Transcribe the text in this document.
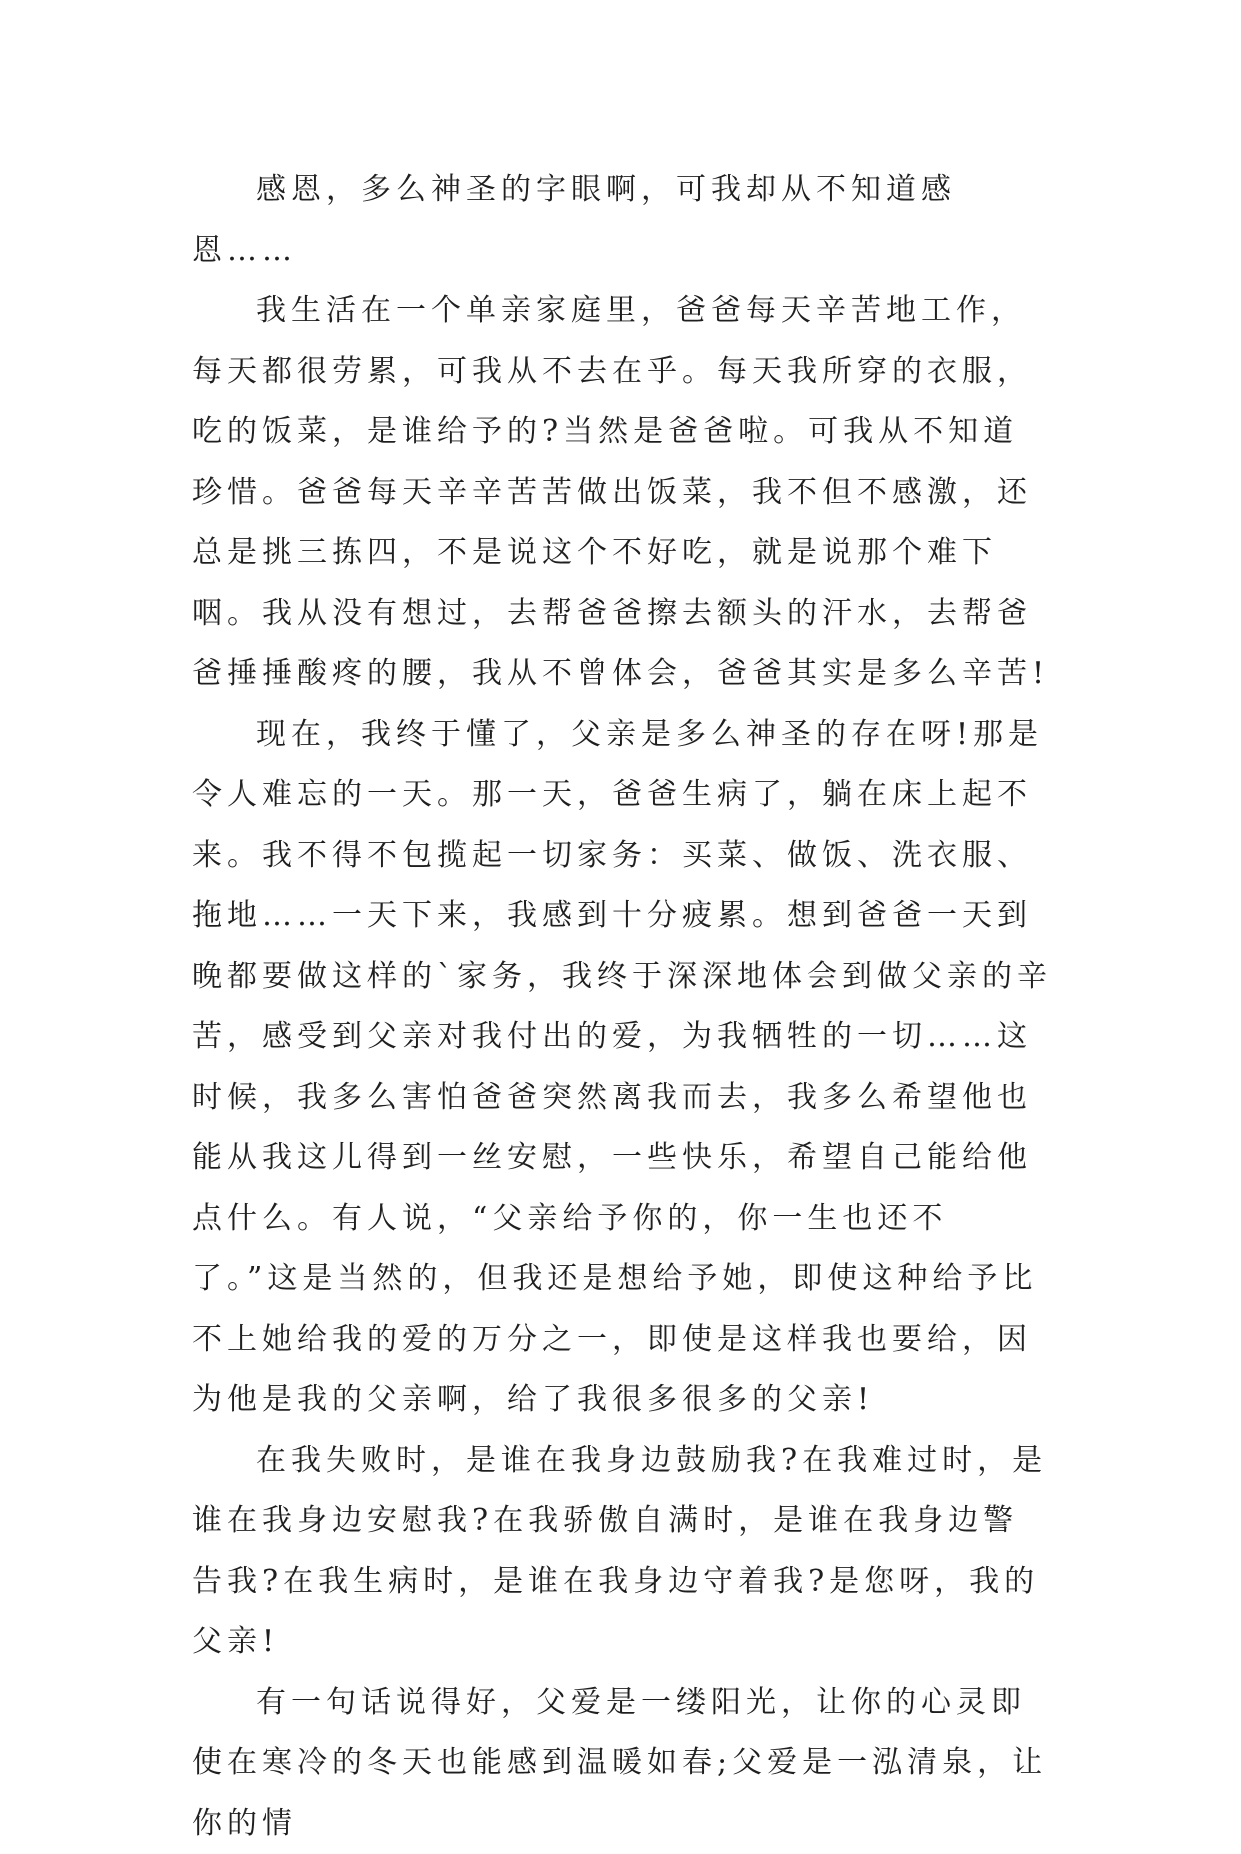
感恩，多么神圣的字眼啊，可我却从不知道感恩……

我生活在一个单亲家庭里，爸爸每天辛苦地工作，每天都很劳累，可我从不去在乎。每天我所穿的衣服，吃的饭菜，是谁给予的?当然是爸爸啦。可我从不知道珍惜。爸爸每天辛辛苦苦做出饭菜，我不但不感激，还总是挑三拣四，不是说这个不好吃，就是说那个难下咽。我从没有想过，去帮爸爸擦去额头的汗水，去帮爸爸捶捶酸疼的腰，我从不曾体会，爸爸其实是多么辛苦!

现在，我终于懂了，父亲是多么神圣的存在呀!那是令人难忘的一天。那一天，爸爸生病了，躺在床上起不来。我不得不包揽起一切家务：买菜、做饭、洗衣服、拖地……一天下来，我感到十分疲累。想到爸爸一天到晚都要做这样的`家务，我终于深深地体会到做父亲的辛苦，感受到父亲对我付出的爱，为我牺牲的一切……这时候，我多么害怕爸爸突然离我而去，我多么希望他也能从我这儿得到一丝安慰，一些快乐，希望自己能给他点什么。有人说，“父亲给予你的，你一生也还不了。”这是当然的，但我还是想给予她，即使这种给予比不上她给我的爱的万分之一，即使是这样我也要给，因为他是我的父亲啊，给了我很多很多的父亲!

在我失败时，是谁在我身边鼓励我?在我难过时，是谁在我身边安慰我?在我骄傲自满时，是谁在我身边警告我?在我生病时，是谁在我身边守着我?是您呀，我的父亲!

有一句话说得好，父爱是一缕阳光，让你的心灵即使在寒冷的冬天也能感到温暖如春;父爱是一泓清泉，让你的情
